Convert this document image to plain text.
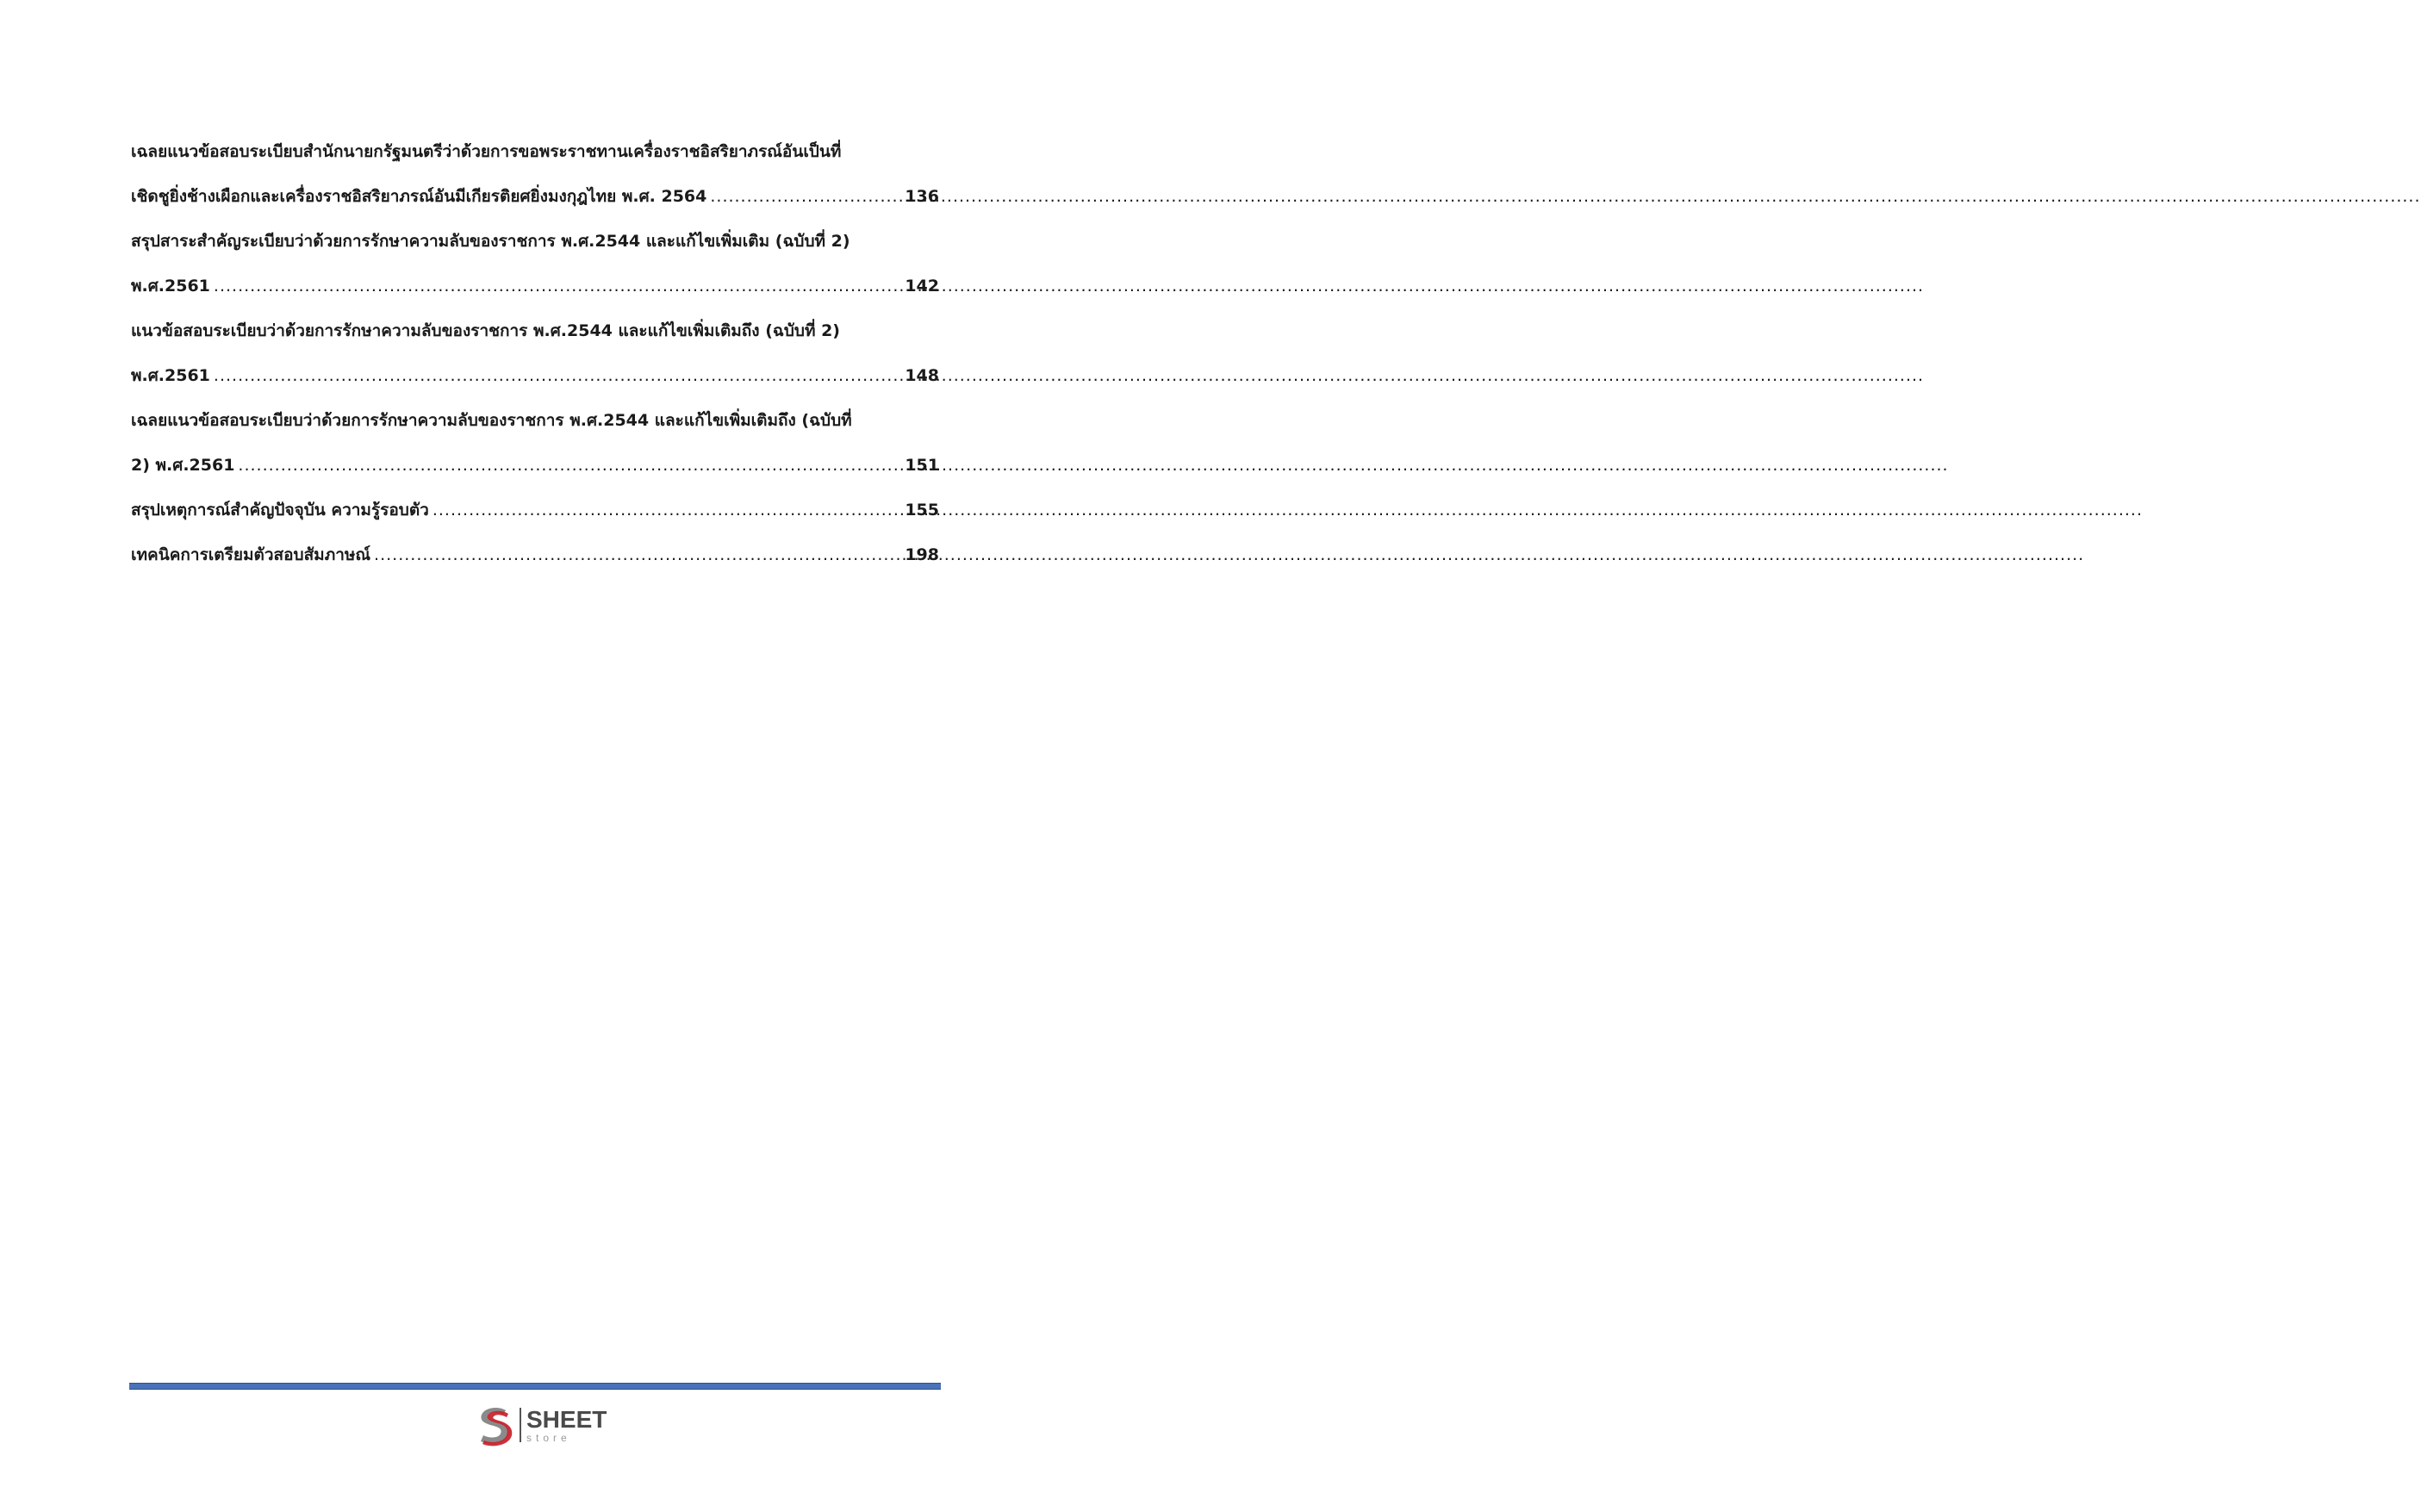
เฉลยแนวข้อสอบระเบียบสำนักนายกรัฐมนตรีว่าด้วยการขอพระราชทานเครื่องราชอิสริยาภรณ์อันเป็นที่
เชิดชูยิ่งช้างเผือกและเครื่องราชอิสริยาภรณ์อันมีเกียรติยศยิ่งมงกุฎไทย พ.ศ. 2564 .....	136
สรุปสาระสำคัญระเบียบว่าด้วยการรักษาความลับของราชการ พ.ศ.2544 และแก้ไขเพิ่มเติม (ฉบับที่ 2)
พ.ศ.2561 .....	142
แนวข้อสอบระเบียบว่าด้วยการรักษาความลับของราชการ พ.ศ.2544 และแก้ไขเพิ่มเติมถึง (ฉบับที่ 2)
พ.ศ.2561 .....	148
เฉลยแนวข้อสอบระเบียบว่าด้วยการรักษาความลับของราชการ พ.ศ.2544 และแก้ไขเพิ่มเติมถึง (ฉบับที่
2) พ.ศ.2561 .....	151
สรุปเหตุการณ์สำคัญปัจจุบัน ความรู้รอบตัว .....	155
เทคนิคการเตรียมตัวสอบสัมภาษณ์ .....	198
SHEET
store
